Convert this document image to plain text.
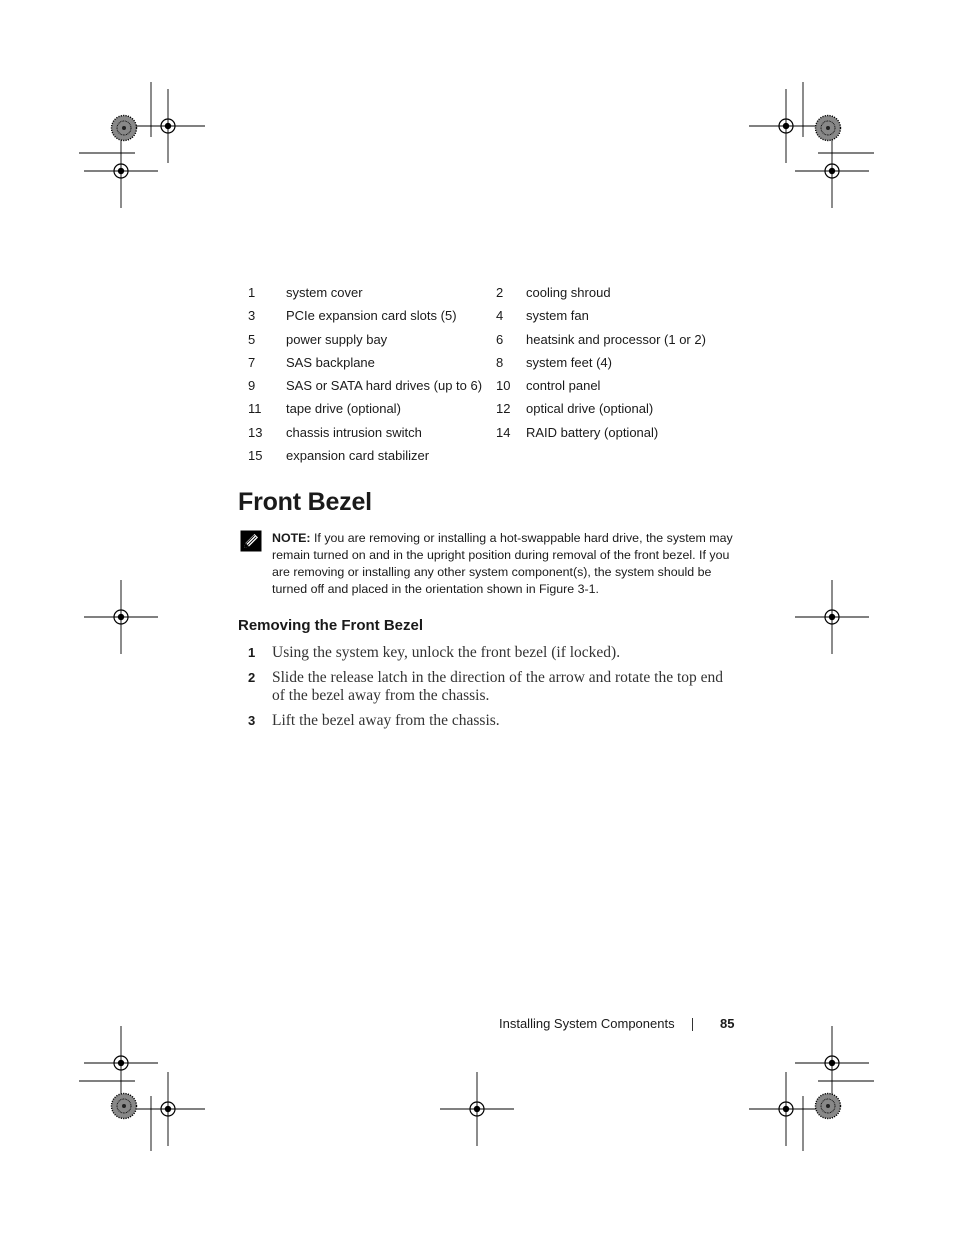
1	system cover	2	cooling shroud
3	PCIe expansion card slots (5)	4	system fan
5	power supply bay	6	heatsink and processor (1 or 2)
7	SAS backplane	8	system feet (4)
9	SAS or SATA hard drives (up to 6)	10	control panel
11	tape drive (optional)	12	optical drive (optional)
13	chassis intrusion switch	14	RAID battery (optional)
15	expansion card stabilizer		
Front Bezel
NOTE: If you are removing or installing a hot-swappable hard drive, the system may remain turned on and in the upright position during removal of the front bezel. If you are removing or installing any other system component(s), the system should be turned off and placed in the orientation shown in Figure 3-1.
Removing the Front Bezel
1 Using the system key, unlock the front bezel (if locked).
2 Slide the release latch in the direction of the arrow and rotate the top end of the bezel away from the chassis.
3 Lift the bezel away from the chassis.
Installing System Components	85
